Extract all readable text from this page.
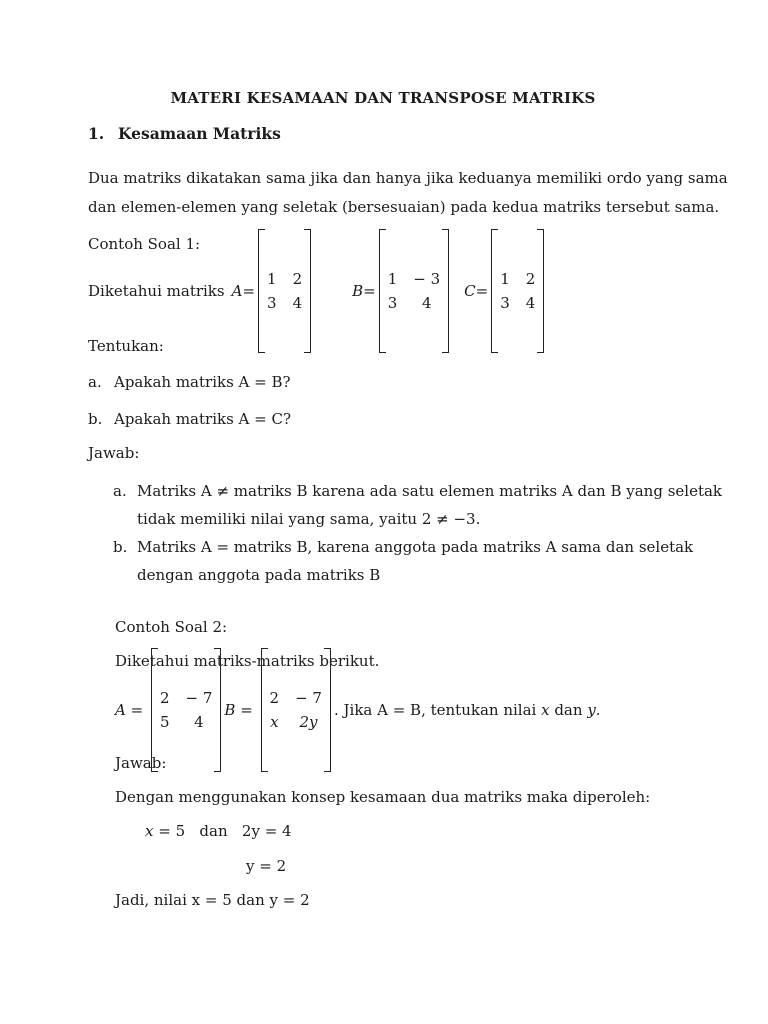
MATERI KESAMAAN DAN TRANSPOSE MATRIKS
1. Kesamaan Matriks
Dua matriks dikatakan sama jika dan hanya jika keduanya memiliki ordo yang sama
dan elemen-elemen yang seletak (bersesuaian) pada kedua matriks tersebut sama.
Contoh Soal 1:
Diketahui matriks A =

1 2
3 4

B =

1 − 3
3	4

C =

1 2
3 4

Tentukan:
a. Apakah matriks A = B?
b. Apakah matriks A = C?
Jawab:
a. Matriks A ≠ matriks B karena ada satu elemen matriks A dan B yang seletak
tidak memiliki nilai yang sama, yaitu 2 ≠ −3.
b. Matriks A = matriks B, karena anggota pada matriks A sama dan seletak
dengan anggota pada matriks B
Contoh Soal 2:
Diketahui matriks-matriks berikut.
A =

2 − 7
5	4

B =

2 − 7
x 2y

. Jika A = B, tentukan nilai x dan y .
Jawab:
Dengan menggunakan konsep kesamaan dua matriks maka diperoleh:
x = 5   dan   2y = 4
y = 2
Jadi, nilai x = 5 dan y = 2
